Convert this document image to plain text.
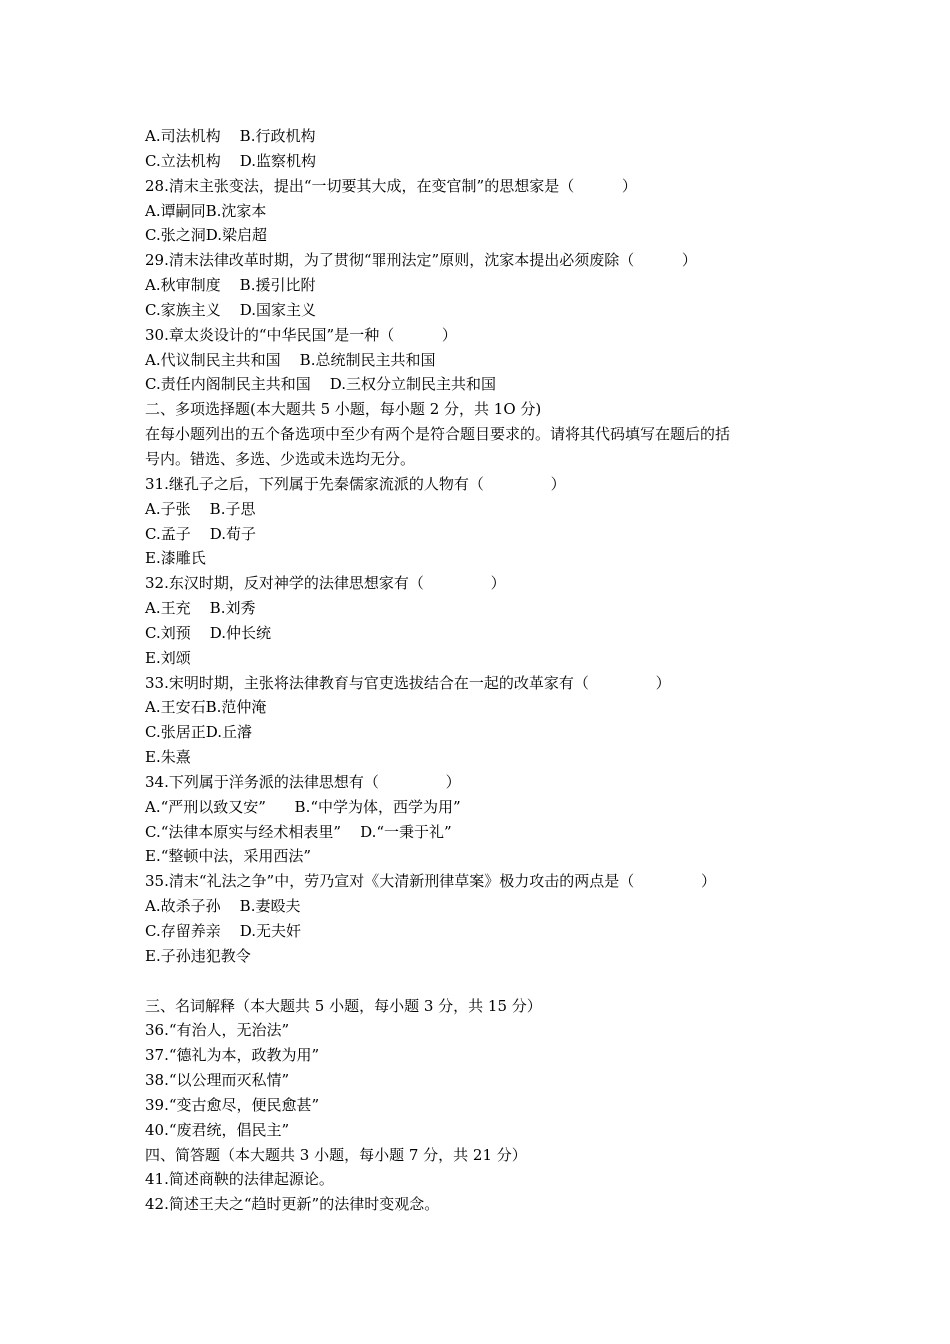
A.司法机构    B.行政机构
C.立法机构    D.监察机构
28.清末主张变法，提出“一切要其大成，在变官制”的思想家是（          ）
A.谭嗣同B.沈家本
C.张之洞D.梁启超
29.清末法律改革时期，为了贯彻“罪刑法定”原则，沈家本提出必须废除（          ）
A.秋审制度    B.援引比附
C.家族主义    D.国家主义
30.章太炎设计的“中华民国”是一种（          ）
A.代议制民主共和国    B.总统制民主共和国
C.责任内阁制民主共和国    D.三权分立制民主共和国
二、多项选择题(本大题共 5 小题，每小题 2 分，共 1O 分)
在每小题列出的五个备选项中至少有两个是符合题目要求的。请将其代码填写在题后的括
号内。错选、多选、少选或未选均无分。
31.继孔子之后，下列属于先秦儒家流派的人物有（              ）
A.子张    B.子思
C.孟子    D.荀子
E.漆雕氏
32.东汉时期，反对神学的法律思想家有（              ）
A.王充    B.刘秀
C.刘预    D.仲长统
E.刘颂
33.宋明时期，主张将法律教育与官吏选拔结合在一起的改革家有（              ）
A.王安石B.范仲淹
C.张居正D.丘濬
E.朱熹
34.下列属于洋务派的法律思想有（              ）
A.“严刑以致又安”      B.“中学为体，西学为用”
C.“法律本原实与经术相表里”    D.“一秉于礼”
E.“整顿中法，采用西法”
35.清末“礼法之争”中，劳乃宣对《大清新刑律草案》极力攻击的两点是（              ）
A.故杀子孙    B.妻殴夫
C.存留养亲    D.无夫奸
E.子孙违犯教令
三、名词解释（本大题共 5 小题，每小题 3 分，共 15 分）
36.“有治人，无治法”
37.“德礼为本，政教为用”
38.“以公理而灭私情”
39.“变古愈尽，便民愈甚”
40.“废君统，倡民主”
四、简答题（本大题共 3 小题，每小题 7 分，共 21 分）
41.简述商鞅的法律起源论。
42.简述王夫之“趋时更新”的法律时变观念。
